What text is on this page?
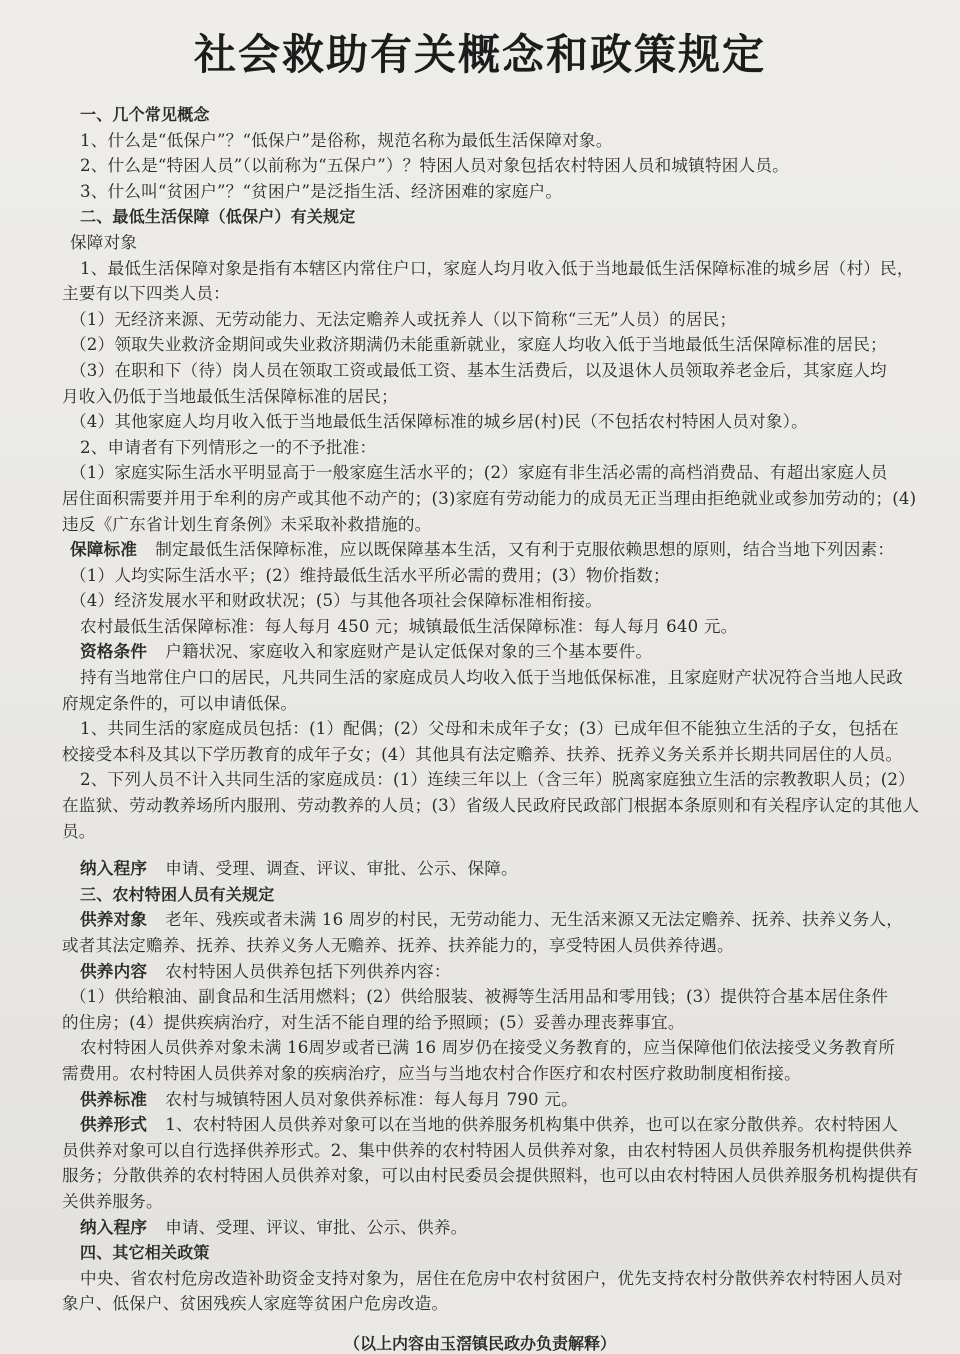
社会救助有关概念和政策规定
一、几个常见概念
1、什么是“低保户”？“低保户”是俗称，规范名称为最低生活保障对象。
2、什么是“特困人员”（以前称为“五保户”）？特困人员对象包括农村特困人员和城镇特困人员。
3、什么叫“贫困户”？“贫困户”是泛指生活、经济困难的家庭户。
二、最低生活保障（低保户）有关规定
保障对象
1、最低生活保障对象是指有本辖区内常住户口，家庭人均月收入低于当地最低生活保障标准的城乡居（村）民，
主要有以下四类人员：
（1）无经济来源、无劳动能力、无法定赡养人或抚养人（以下简称“三无”人员）的居民；
（2）领取失业救济金期间或失业救济期满仍未能重新就业，家庭人均收入低于当地最低生活保障标准的居民；
（3）在职和下（待）岗人员在领取工资或最低工资、基本生活费后，以及退休人员领取养老金后，其家庭人均
月收入仍低于当地最低生活保障标准的居民；
（4）其他家庭人均月收入低于当地最低生活保障标准的城乡居(村)民（不包括农村特困人员对象）。
2、申请者有下列情形之一的不予批准：
（1）家庭实际生活水平明显高于一般家庭生活水平的；(2）家庭有非生活必需的高档消费品、有超出家庭人员
居住面积需要并用于牟利的房产或其他不动产的；(3)家庭有劳动能力的成员无正当理由拒绝就业或参加劳动的；(4)
违反《广东省计划生育条例》未采取补救措施的。
保障标准 制定最低生活保障标准，应以既保障基本生活，又有利于克服依赖思想的原则，结合当地下列因素：
（1）人均实际生活水平；(2）维持最低生活水平所必需的费用；(3）物价指数；
（4）经济发展水平和财政状况；(5）与其他各项社会保障标准相衔接。
农村最低生活保障标准：每人每月 450 元；城镇最低生活保障标准：每人每月 640 元。
资格条件 户籍状况、家庭收入和家庭财产是认定低保对象的三个基本要件。
持有当地常住户口的居民，凡共同生活的家庭成员人均收入低于当地低保标准，且家庭财产状况符合当地人民政
府规定条件的，可以申请低保。
1、共同生活的家庭成员包括：(1）配偶；(2）父母和未成年子女；(3）已成年但不能独立生活的子女，包括在
校接受本科及其以下学历教育的成年子女；(4）其他具有法定赡养、扶养、抚养义务关系并长期共同居住的人员。
2、下列人员不计入共同生活的家庭成员：(1）连续三年以上（含三年）脱离家庭独立生活的宗教教职人员；(2）
在监狱、劳动教养场所内服刑、劳动教养的人员；(3）省级人民政府民政部门根据本条原则和有关程序认定的其他人
员。
纳入程序 申请、受理、调查、评议、审批、公示、保障。
三、农村特困人员有关规定
供养对象 老年、残疾或者未满 16 周岁的村民，无劳动能力、无生活来源又无法定赡养、抚养、扶养义务人，
或者其法定赡养、抚养、扶养义务人无赡养、抚养、扶养能力的，享受特困人员供养待遇。
供养内容 农村特困人员供养包括下列供养内容：
（1）供给粮油、副食品和生活用燃料；(2）供给服装、被褥等生活用品和零用钱；(3）提供符合基本居住条件
的住房；(4）提供疾病治疗，对生活不能自理的给予照顾；(5）妥善办理丧葬事宜。
农村特困人员供养对象未满 16周岁或者已满 16 周岁仍在接受义务教育的，应当保障他们依法接受义务教育所
需费用。农村特困人员供养对象的疾病治疗，应当与当地农村合作医疗和农村医疗救助制度相衔接。
供养标准 农村与城镇特困人员对象供养标准：每人每月 790 元。
供养形式 1、农村特困人员供养对象可以在当地的供养服务机构集中供养，也可以在家分散供养。农村特困人
员供养对象可以自行选择供养形式。2、集中供养的农村特困人员供养对象，由农村特困人员供养服务机构提供供养
服务；分散供养的农村特困人员供养对象，可以由村民委员会提供照料，也可以由农村特困人员供养服务机构提供有
关供养服务。
纳入程序 申请、受理、评议、审批、公示、供养。
四、其它相关政策
中央、省农村危房改造补助资金支持对象为，居住在危房中农村贫困户，优先支持农村分散供养农村特困人员对
象户、低保户、贫困残疾人家庭等贫困户危房改造。
（以上内容由玉滘镇民政办负责解释）
